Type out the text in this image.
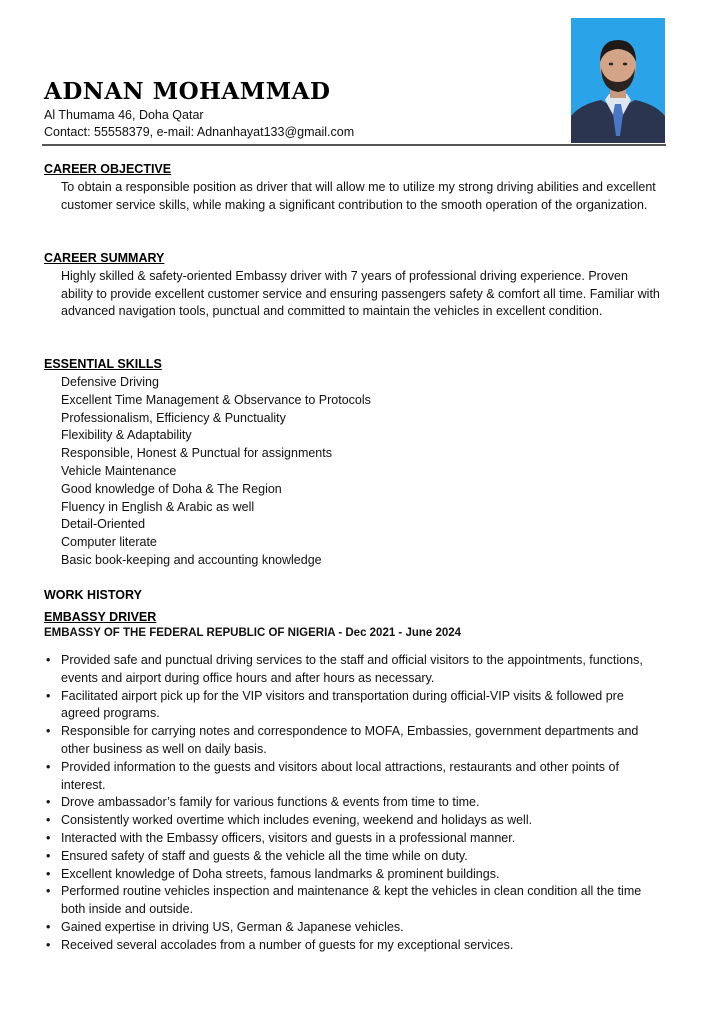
ADNAN MOHAMMAD
Al Thumama 46, Doha Qatar
Contact: 55558379, e-mail: Adnanhayat133@gmail.com
CAREER OBJECTIVE

To obtain a responsible position as driver that will allow me to utilize my strong driving abilities and excellent customer service skills, while making a significant contribution to the smooth operation of the organization.

CAREER SUMMARY

Highly skilled & safety-oriented Embassy driver with 7 years of professional driving experience. Proven ability to provide excellent customer service and ensuring passengers safety & comfort all time. Familiar with advanced navigation tools, punctual and committed to maintain the vehicles in excellent condition.

ESSENTIAL SKILLS
Defensive Driving
Excellent Time Management & Observance to Protocols
Professionalism, Efficiency & Punctuality
Flexibility & Adaptability
Responsible, Honest & Punctual for assignments
Vehicle Maintenance
Good knowledge of Doha & The Region
Fluency in English & Arabic as well
Detail-Oriented
Computer literate
Basic book-keeping and accounting knowledge
WORK HISTORY
EMBASSY DRIVER
EMBASSY OF THE FEDERAL REPUBLIC OF NIGERIA - Dec 2021 - June 2024
• Provided safe and punctual driving services to the staff and official visitors to the appointments, functions, events and airport during office hours and after hours as necessary.
• Facilitated airport pick up for the VIP visitors and transportation during official-VIP visits & followed pre agreed programs.
• Responsible for carrying notes and correspondence to MOFA, Embassies, government departments and other business as well on daily basis.
• Provided information to the guests and visitors about local attractions, restaurants and other points of interest.
• Drove ambassador’s family for various functions & events from time to time.
• Consistently worked overtime which includes evening, weekend and holidays as well.
• Interacted with the Embassy officers, visitors and guests in a professional manner.
• Ensured safety of staff and guests & the vehicle all the time while on duty.
• Excellent knowledge of Doha streets, famous landmarks & prominent buildings.
• Performed routine vehicles inspection and maintenance & kept the vehicles in clean condition all the time both inside and outside.
• Gained expertise in driving US, German & Japanese vehicles.
• Received several accolades from a number of guests for my exceptional services.
